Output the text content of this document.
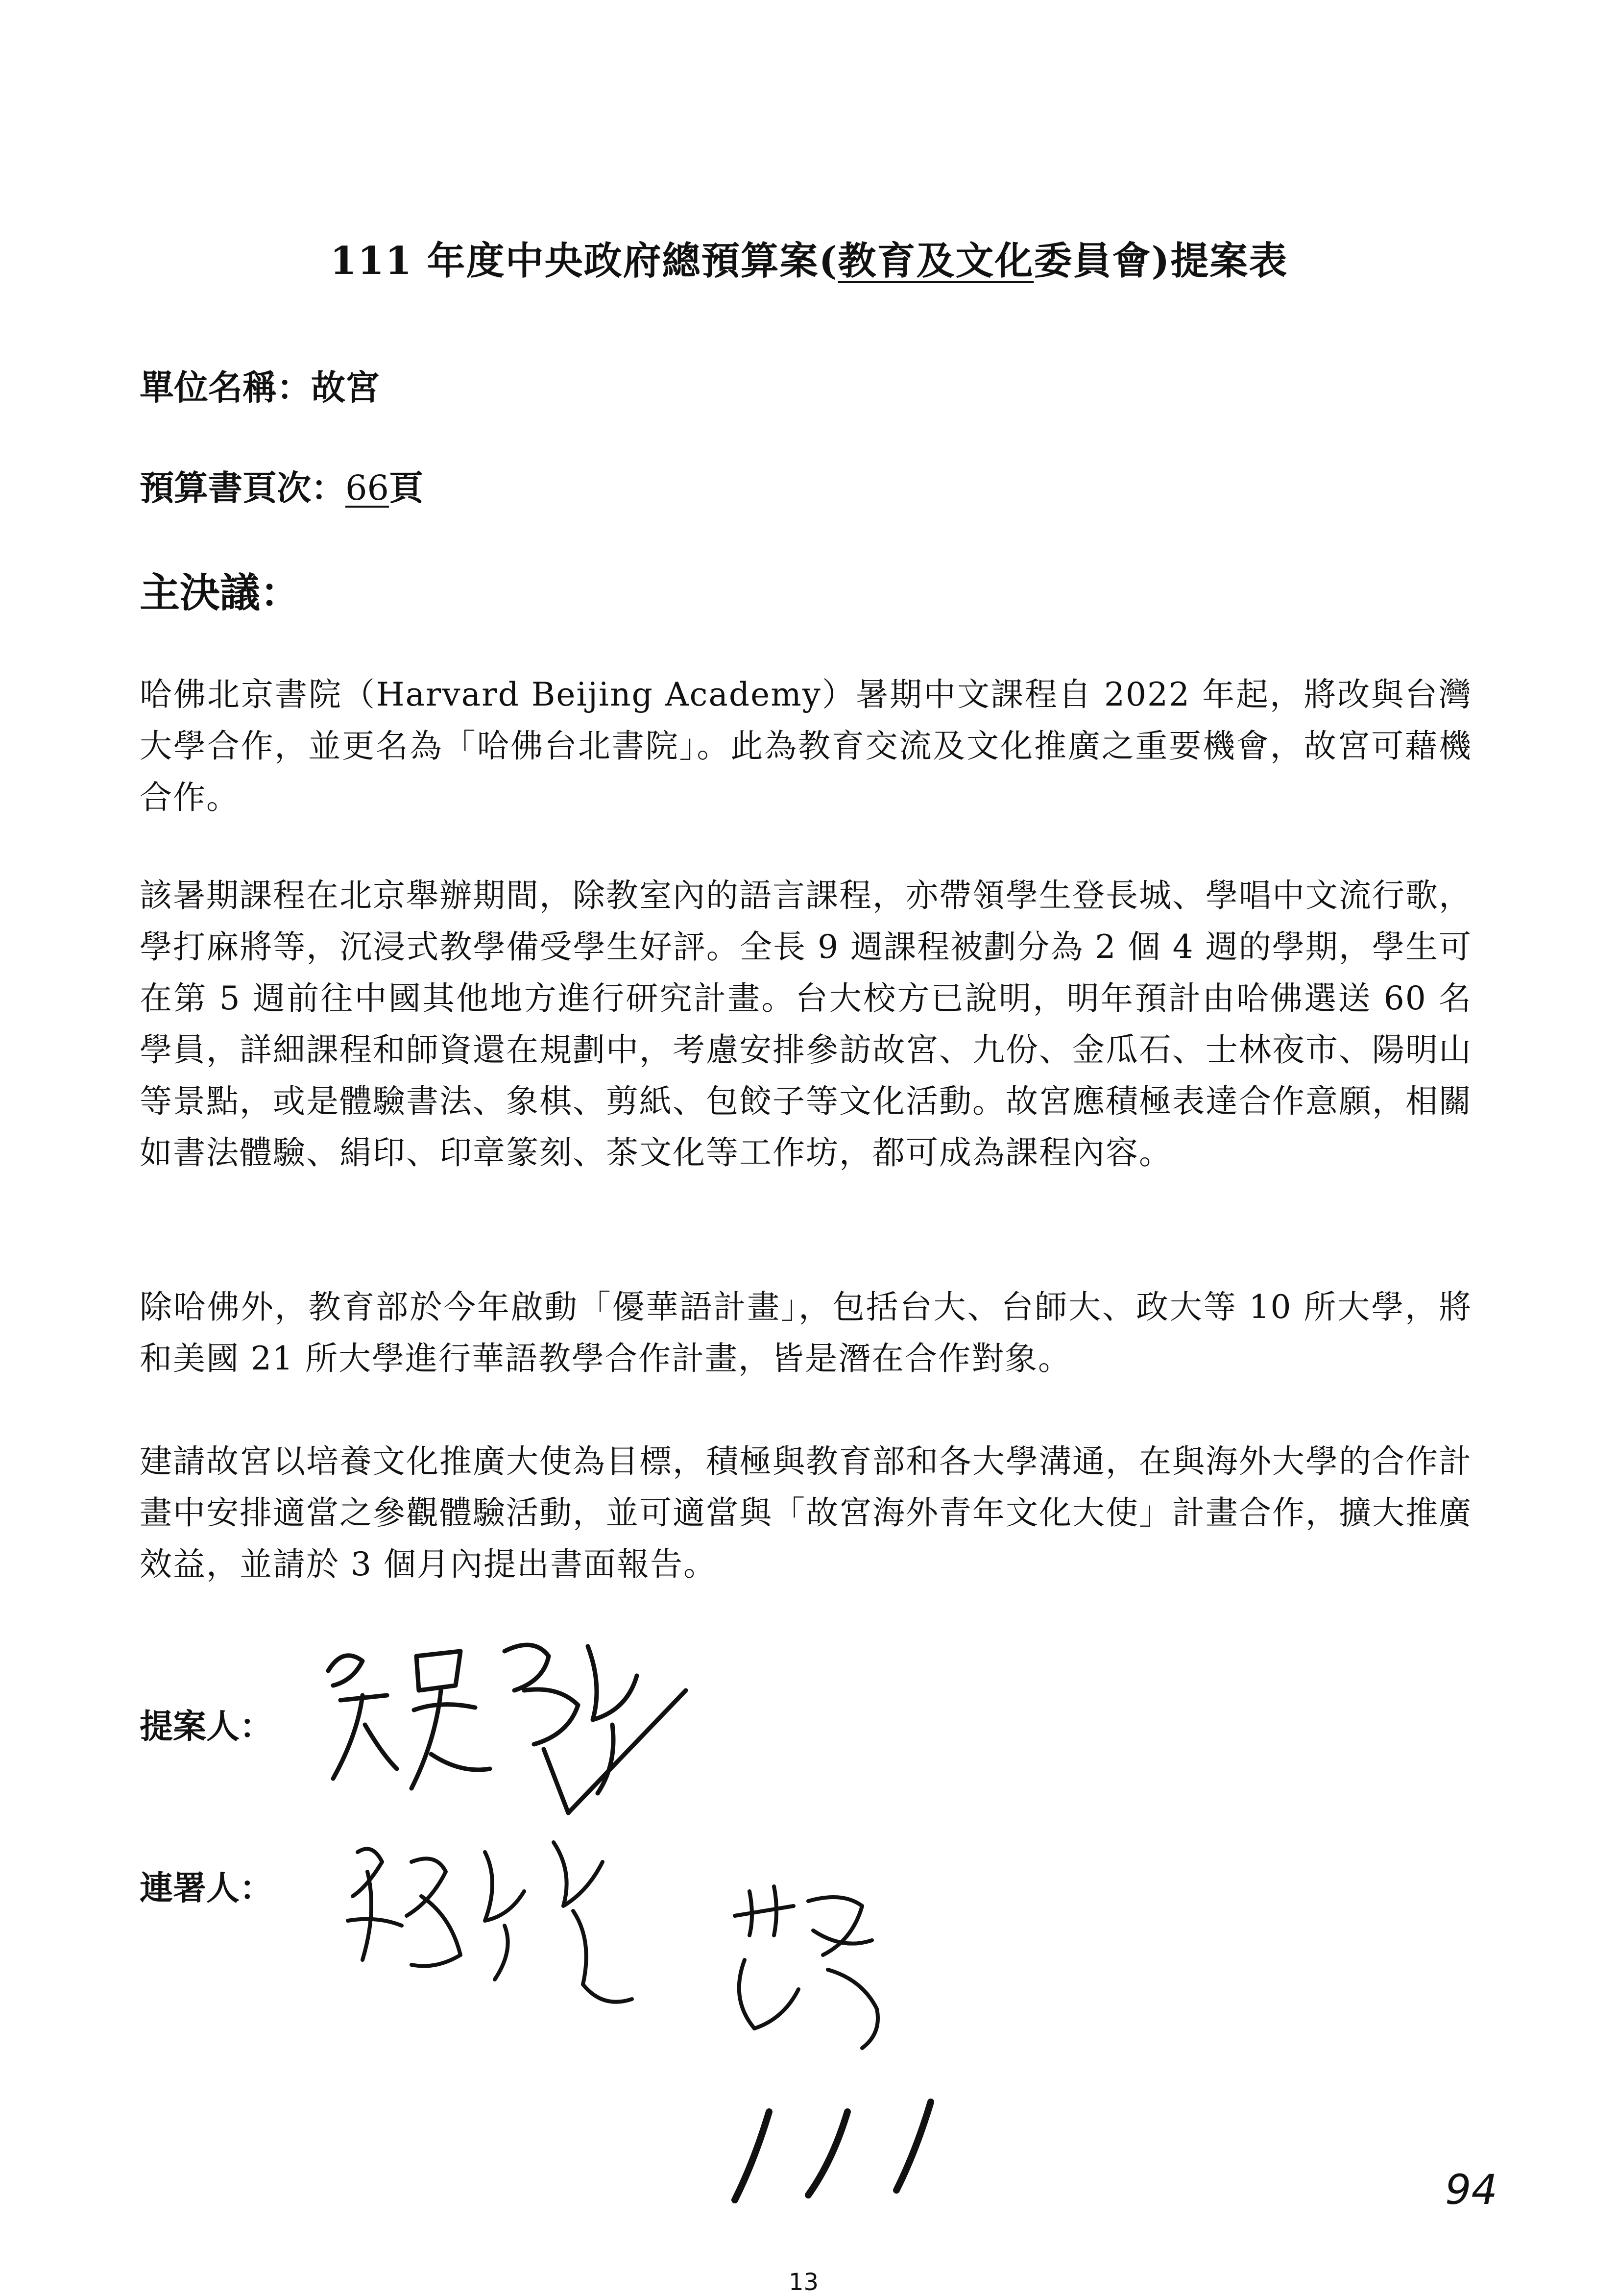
111 年度中央政府總預算案(教育及文化委員會)提案表
單位名稱：故宮
預算書頁次：66頁
主決議：

哈佛北京書院（Harvard Beijing Academy）暑期中文課程自 2022 年起，將改與台灣大學合作，並更名為「哈佛台北書院」。此為教育交流及文化推廣之重要機會，故宮可藉機合作。

該暑期課程在北京舉辦期間，除教室內的語言課程，亦帶領學生登長城、學唱中文流行歌，學打麻將等，沉浸式教學備受學生好評。全長 9 週課程被劃分為 2 個 4 週的學期，學生可在第 5 週前往中國其他地方進行研究計畫。台大校方已說明，明年預計由哈佛選送 60 名學員，詳細課程和師資還在規劃中，考慮安排參訪故宮、九份、金瓜石、士林夜市、陽明山等景點，或是體驗書法、象棋、剪紙、包餃子等文化活動。故宮應積極表達合作意願，相關如書法體驗、絹印、印章篆刻、茶文化等工作坊，都可成為課程內容。

除哈佛外，教育部於今年啟動「優華語計畫」，包括台大、台師大、政大等 10 所大學，將和美國 21 所大學進行華語教學合作計畫，皆是潛在合作對象。

建請故宮以培養文化推廣大使為目標，積極與教育部和各大學溝通，在與海外大學的合作計畫中安排適當之參觀體驗活動，並可適當與「故宮海外青年文化大使」計畫合作，擴大推廣效益，並請於 3 個月內提出書面報告。

提案人：
連署人：
94
13
